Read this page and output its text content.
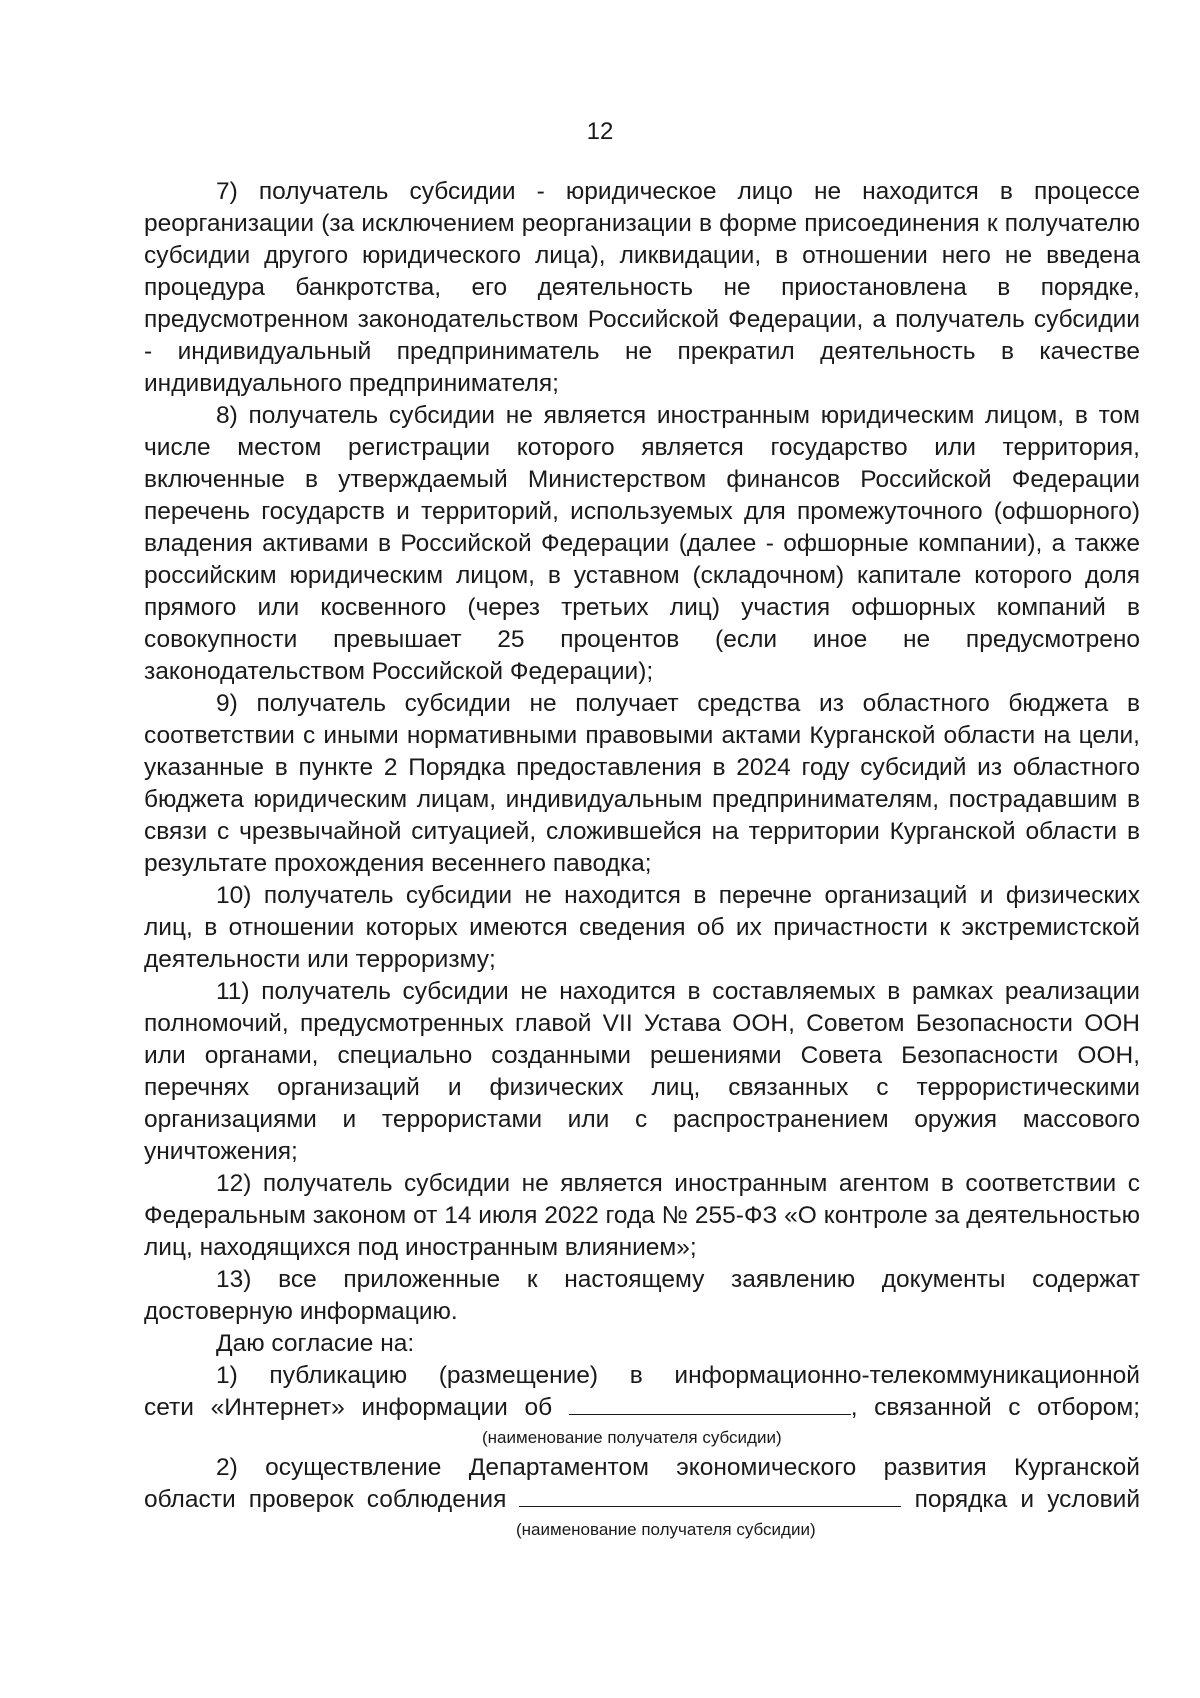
12

7) получатель субсидии - юридическое лицо не находится в процессе реорганизации (за исключением реорганизации в форме присоединения к получателю субсидии другого юридического лица), ликвидации, в отношении него не введена процедура банкротства, его деятельность не приостановлена в порядке, предусмотренном законодательством Российской Федерации, а получатель субсидии - индивидуальный предприниматель не прекратил деятельность в качестве индивидуального предпринимателя;

8) получатель субсидии не является иностранным юридическим лицом, в том числе местом регистрации которого является государство или территория, включенные в утверждаемый Министерством финансов Российской Федерации перечень государств и территорий, используемых для промежуточного (офшорного) владения активами в Российской Федерации (далее - офшорные компании), а также российским юридическим лицом, в уставном (складочном) капитале которого доля прямого или косвенного (через третьих лиц) участия офшорных компаний в совокупности превышает 25 процентов (если иное не предусмотрено законодательством Российской Федерации);

9) получатель субсидии не получает средства из областного бюджета в соответствии с иными нормативными правовыми актами Курганской области на цели, указанные в пункте 2 Порядка предоставления в 2024 году субсидий из областного бюджета юридическим лицам, индивидуальным предпринимателям, пострадавшим в связи с чрезвычайной ситуацией, сложившейся на территории Курганской области в результате прохождения весеннего паводка;

10) получатель субсидии не находится в перечне организаций и физических лиц, в отношении которых имеются сведения об их причастности к экстремистской деятельности или терроризму;

11) получатель субсидии не находится в составляемых в рамках реализации полномочий, предусмотренных главой VII Устава ООН, Советом Безопасности ООН или органами, специально созданными решениями Совета Безопасности ООН, перечнях организаций и физических лиц, связанных с террористическими организациями и террористами или с распространением оружия массового уничтожения;

12) получатель субсидии не является иностранным агентом в соответствии с Федеральным законом от 14 июля 2022 года № 255-ФЗ «О контроле за деятельностью лиц, находящихся под иностранным влиянием»;

13) все приложенные к настоящему заявлению документы содержат достоверную информацию.

Даю согласие на:

1) публикацию (размещение) в информационно-телекоммуникационной

сети «Интернет» информации об	, связанной с отбором;

(наименование получателя субсидии)

2) осуществление Департаментом экономического развития Курганской

области проверок соблюдения	порядка и условий

(наименование получателя субсидии)
